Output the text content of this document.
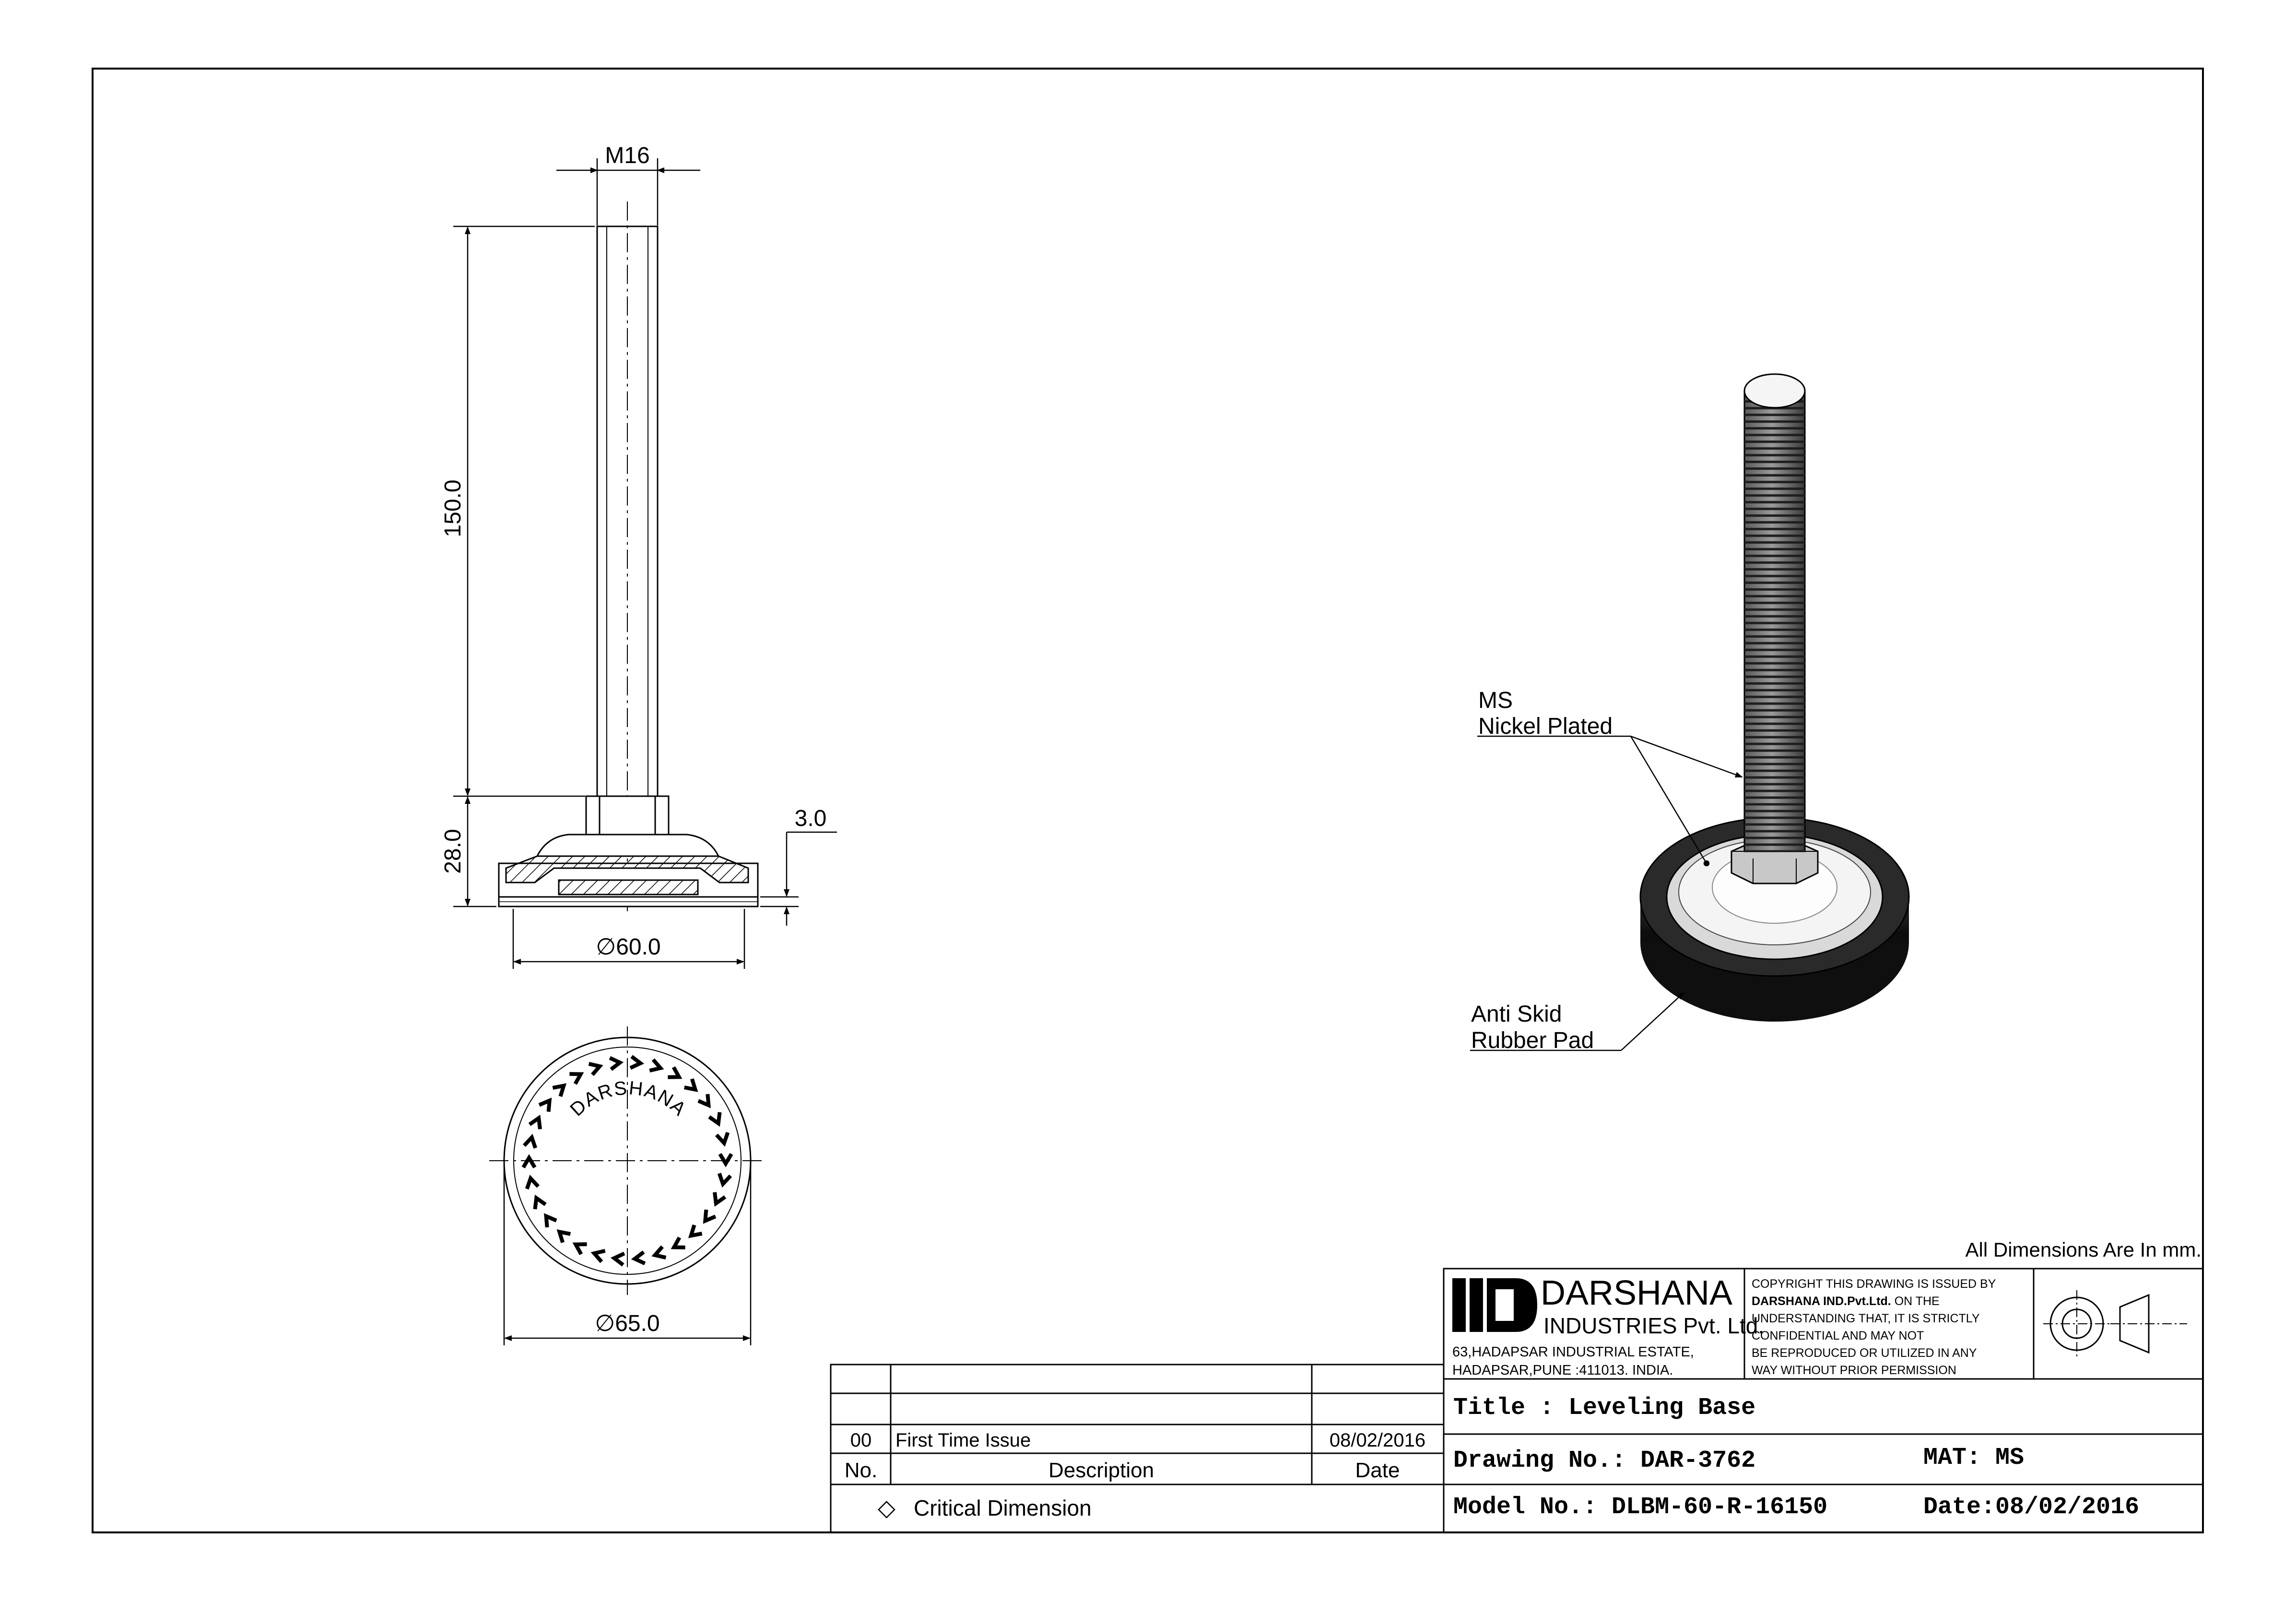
M16
150.0
28.0
3.0
∅60.0
DARSHANA
∅65.0
MS
Nickel Plated
Anti Skid
Rubber Pad
All Dimensions Are In mm.
DARSHANA
INDUSTRIES Pvt. Ltd.
63,HADAPSAR INDUSTRIAL ESTATE,
HADAPSAR,PUNE :411013. INDIA.
COPYRIGHT THIS DRAWING IS ISSUED BY
DARSHANA IND.Pvt.Ltd. ON THE
UNDERSTANDING THAT, IT IS STRICTLY
CONFIDENTIAL AND MAY NOT
BE REPRODUCED OR UTILIZED IN ANY
WAY WITHOUT PRIOR PERMISSION
Title : Leveling Base
Drawing No.: DAR-3762	MAT: MS
Model No.: DLBM-60-R-16150	Date:08/02/2016
00 First Time Issue	08/02/2016
No.	Description	Date
◇ Critical Dimension
